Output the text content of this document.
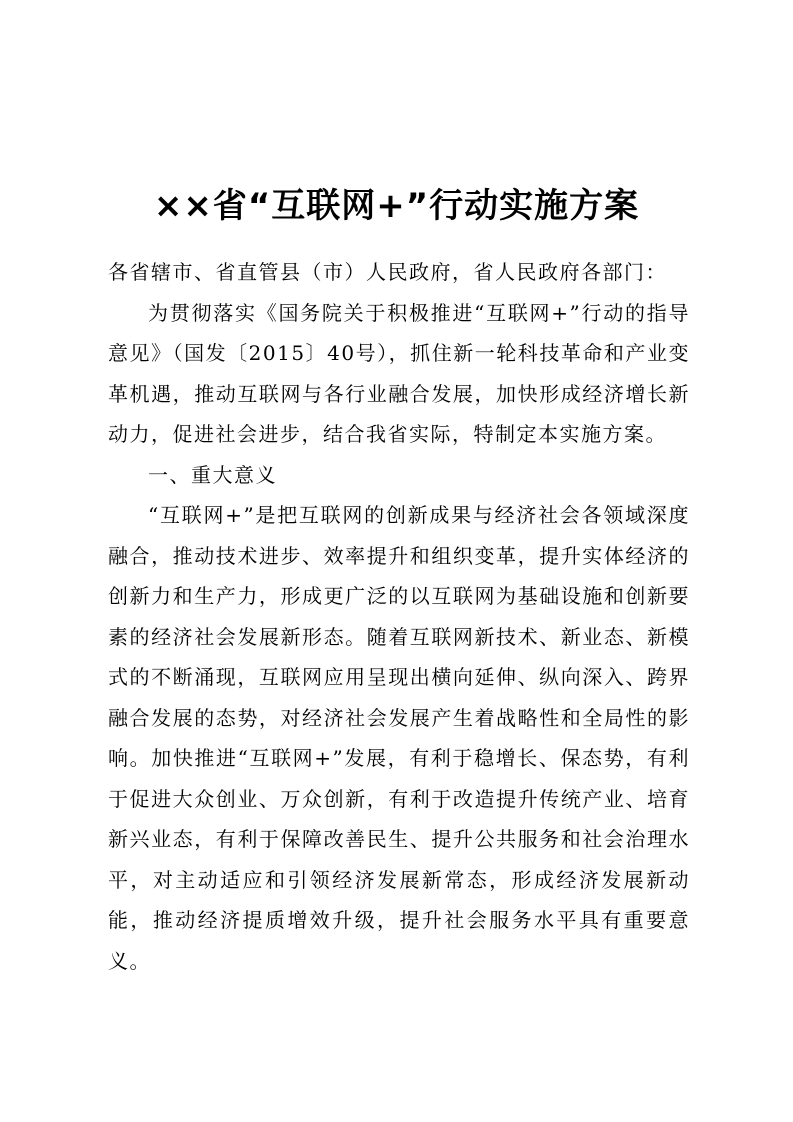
××省“互联网+”行动实施方案

各省辖市、省直管县（市）人民政府，省人民政府各部门：

为贯彻落实《国务院关于积极推进“互联网+”行动的指导意见》（国发〔2015〕40号），抓住新一轮科技革命和产业变革机遇，推动互联网与各行业融合发展，加快形成经济增长新动力，促进社会进步，结合我省实际，特制定本实施方案。

一、重大意义

“互联网+”是把互联网的创新成果与经济社会各领域深度融合，推动技术进步、效率提升和组织变革，提升实体经济的创新力和生产力，形成更广泛的以互联网为基础设施和创新要素的经济社会发展新形态。随着互联网新技术、新业态、新模式的不断涌现，互联网应用呈现出横向延伸、纵向深入、跨界融合发展的态势，对经济社会发展产生着战略性和全局性的影响。加快推进“互联网+”发展，有利于稳增长、保态势，有利于促进大众创业、万众创新，有利于改造提升传统产业、培育新兴业态，有利于保障改善民生、提升公共服务和社会治理水平，对主动适应和引领经济发展新常态，形成经济发展新动能，推动经济提质增效升级，提升社会服务水平具有重要意义。
